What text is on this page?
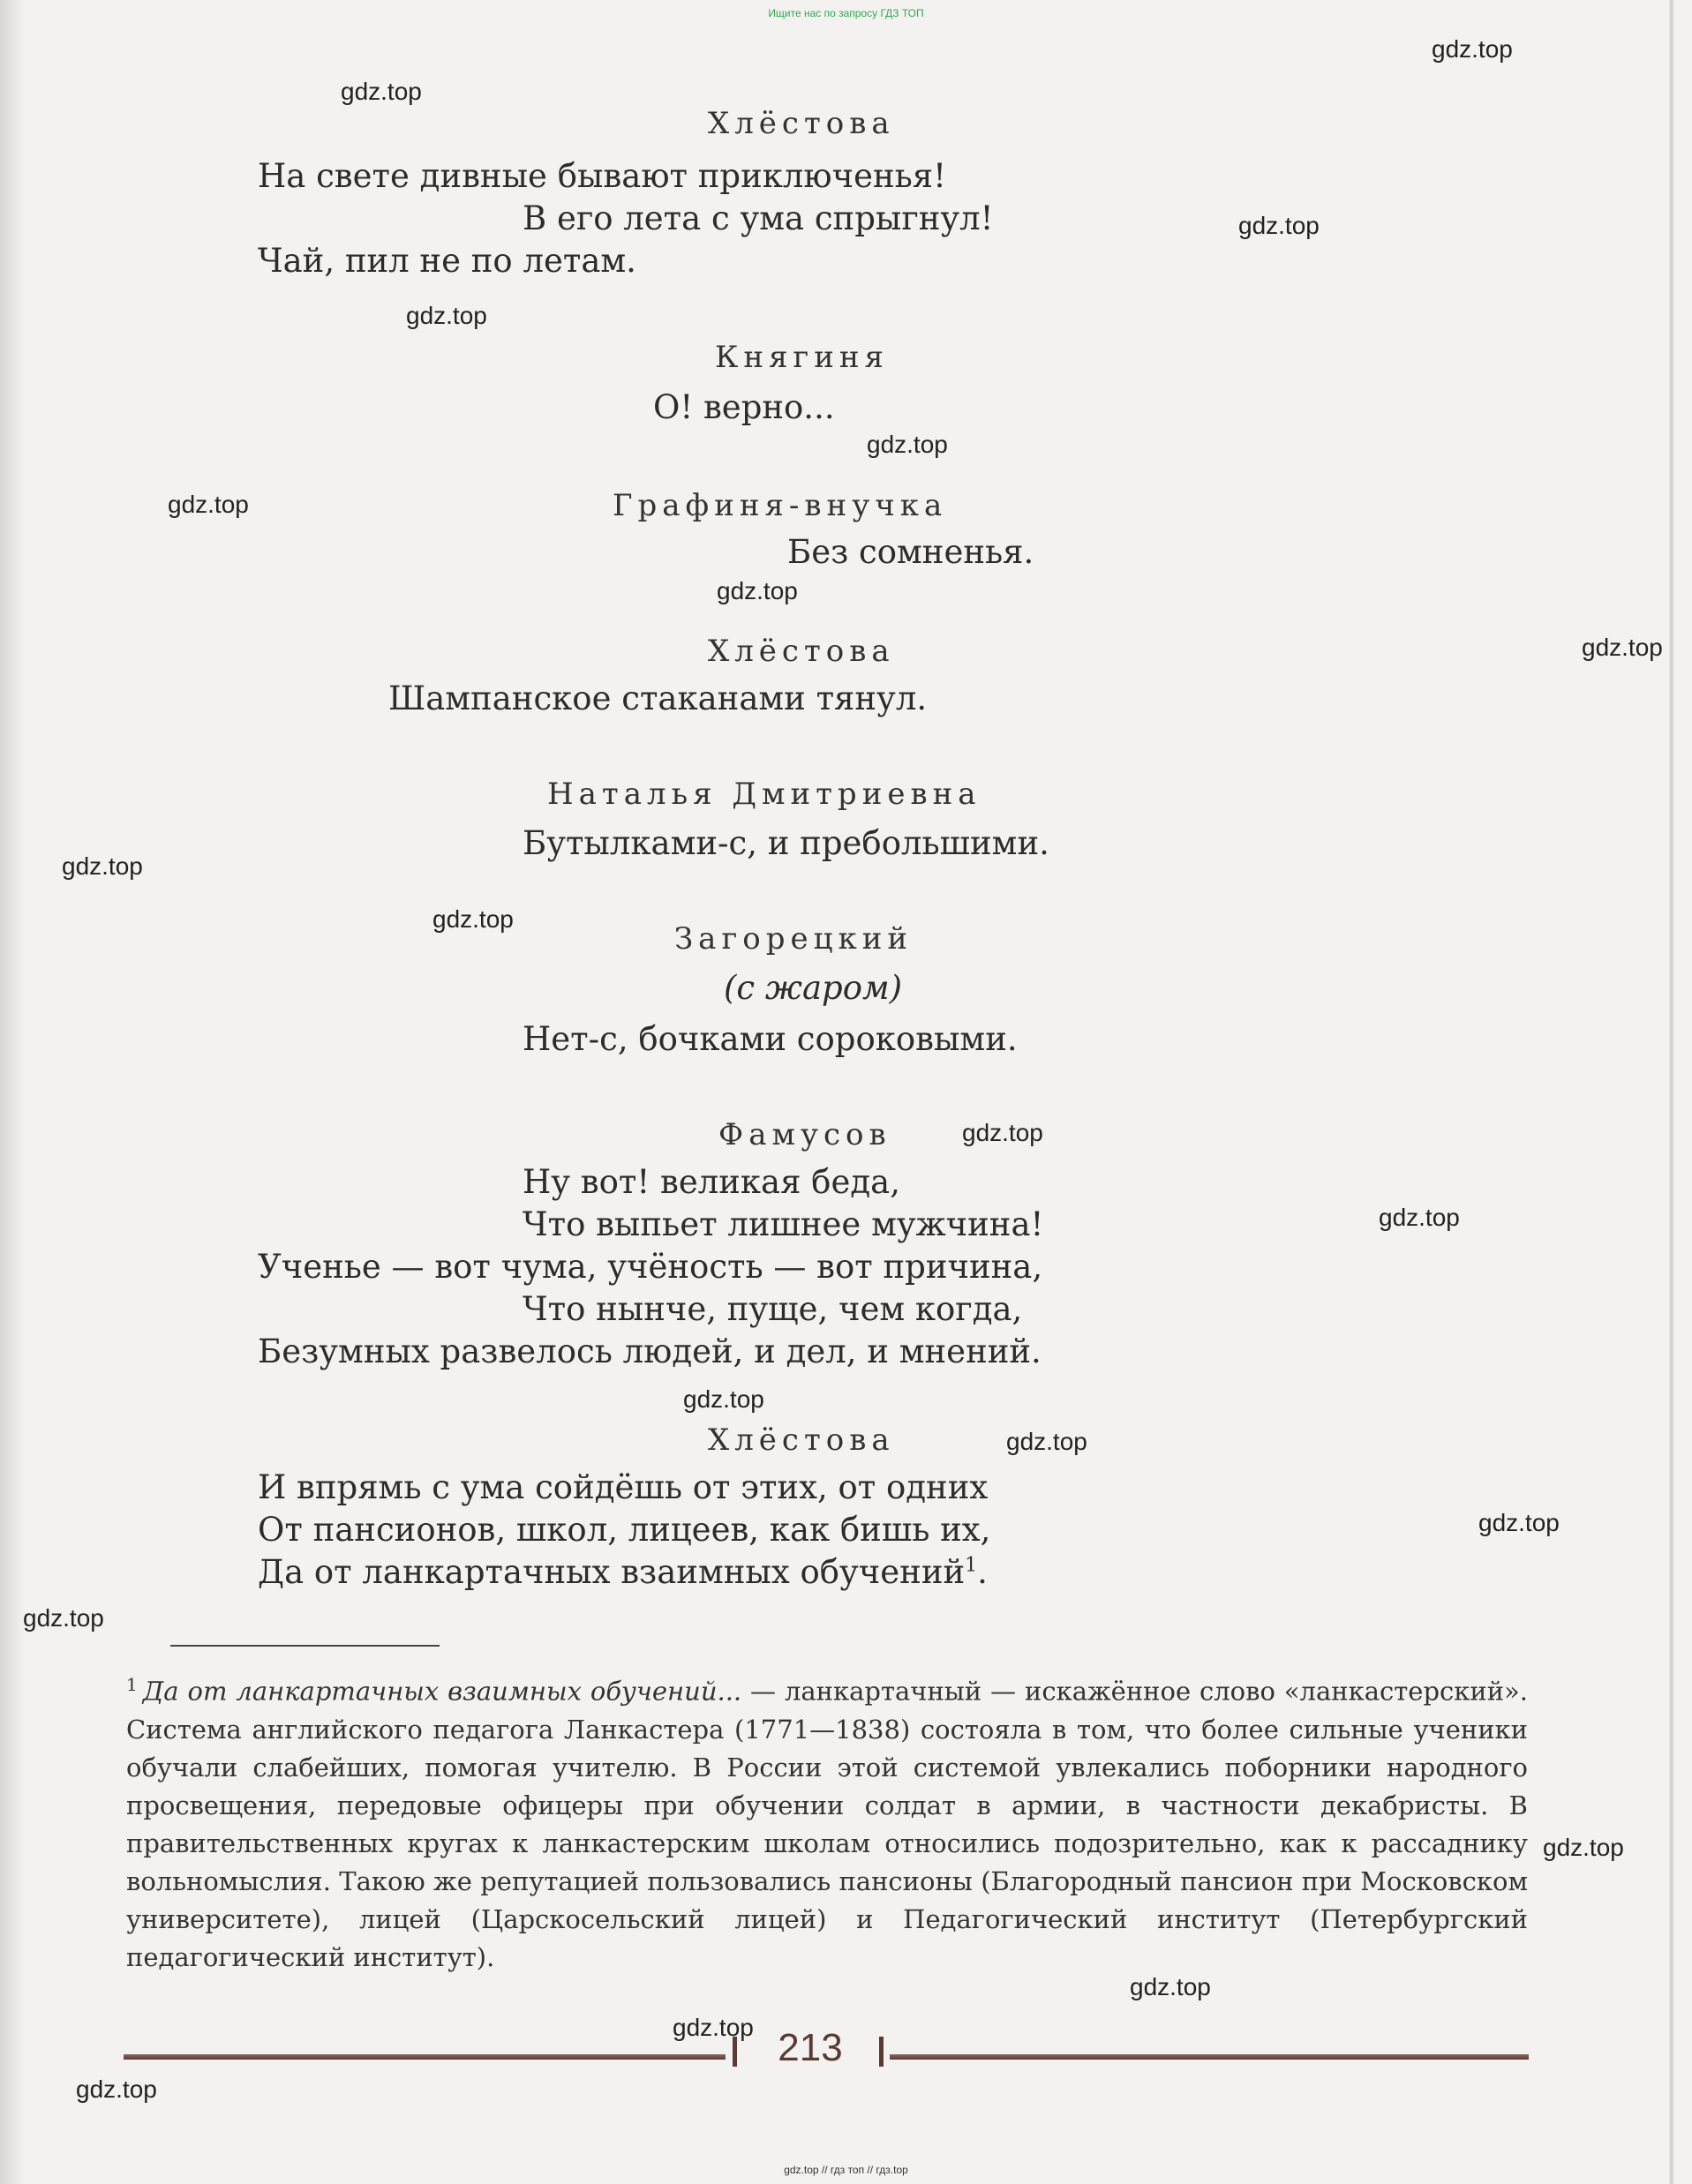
Ищите нас по запросу ГДЗ ТОП
Хлёстова
На свете дивные бывают приключенья!
В его лета с ума спрыгнул!
Чай, пил не по летам.
Княгиня
О! верно...
Графиня-внучка
Без сомненья.
Хлёстова
Шампанское стаканами тянул.
Наталья Дмитриевна
Бутылками-с, и пребольшими.
Загорецкий
(с жаром)
Нет-с, бочками сороковыми.
Фамусов
Ну вот! великая беда,
Что выпьет лишнее мужчина!
Ученье — вот чума, учёность — вот причина,
Что нынче, пуще, чем когда,
Безумных развелось людей, и дел, и мнений.
Хлёстова
И впрямь с ума сойдёшь от этих, от одних
От пансионов, школ, лицеев, как бишь их,
Да от ланкартачных взаимных обучений$^1$.
$^1$ Да от ланкартачных взаимных обучений... — ланкартачный — искажённое слово «ланкастерский». Система английского педагога Ланкастера (1771—1838) состояла в том, что более сильные ученики обучали слабейших, помогая учителю. В России этой системой увлекались поборники народного просвещения, передовые офицеры при обучении солдат в армии, в частности декабристы. В правительственных кругах к ланкастерским школам относились подозрительно, как к рассаднику вольномыслия. Такою же репутацией пользовались пансионы (Благородный пансион при Московском университете), лицей (Царскосельский лицей) и Педагогический институт (Петербургский педагогический институт).
213
gdz.top
gdz.top
gdz.top
gdz.top
gdz.top
gdz.top
gdz.top
gdz.top
gdz.top
gdz.top
gdz.top
gdz.top
gdz.top
gdz.top
gdz.top
gdz.top
gdz.top
gdz.top
gdz.top
gdz.top
gdz.top // гдз топ // гдз.top
